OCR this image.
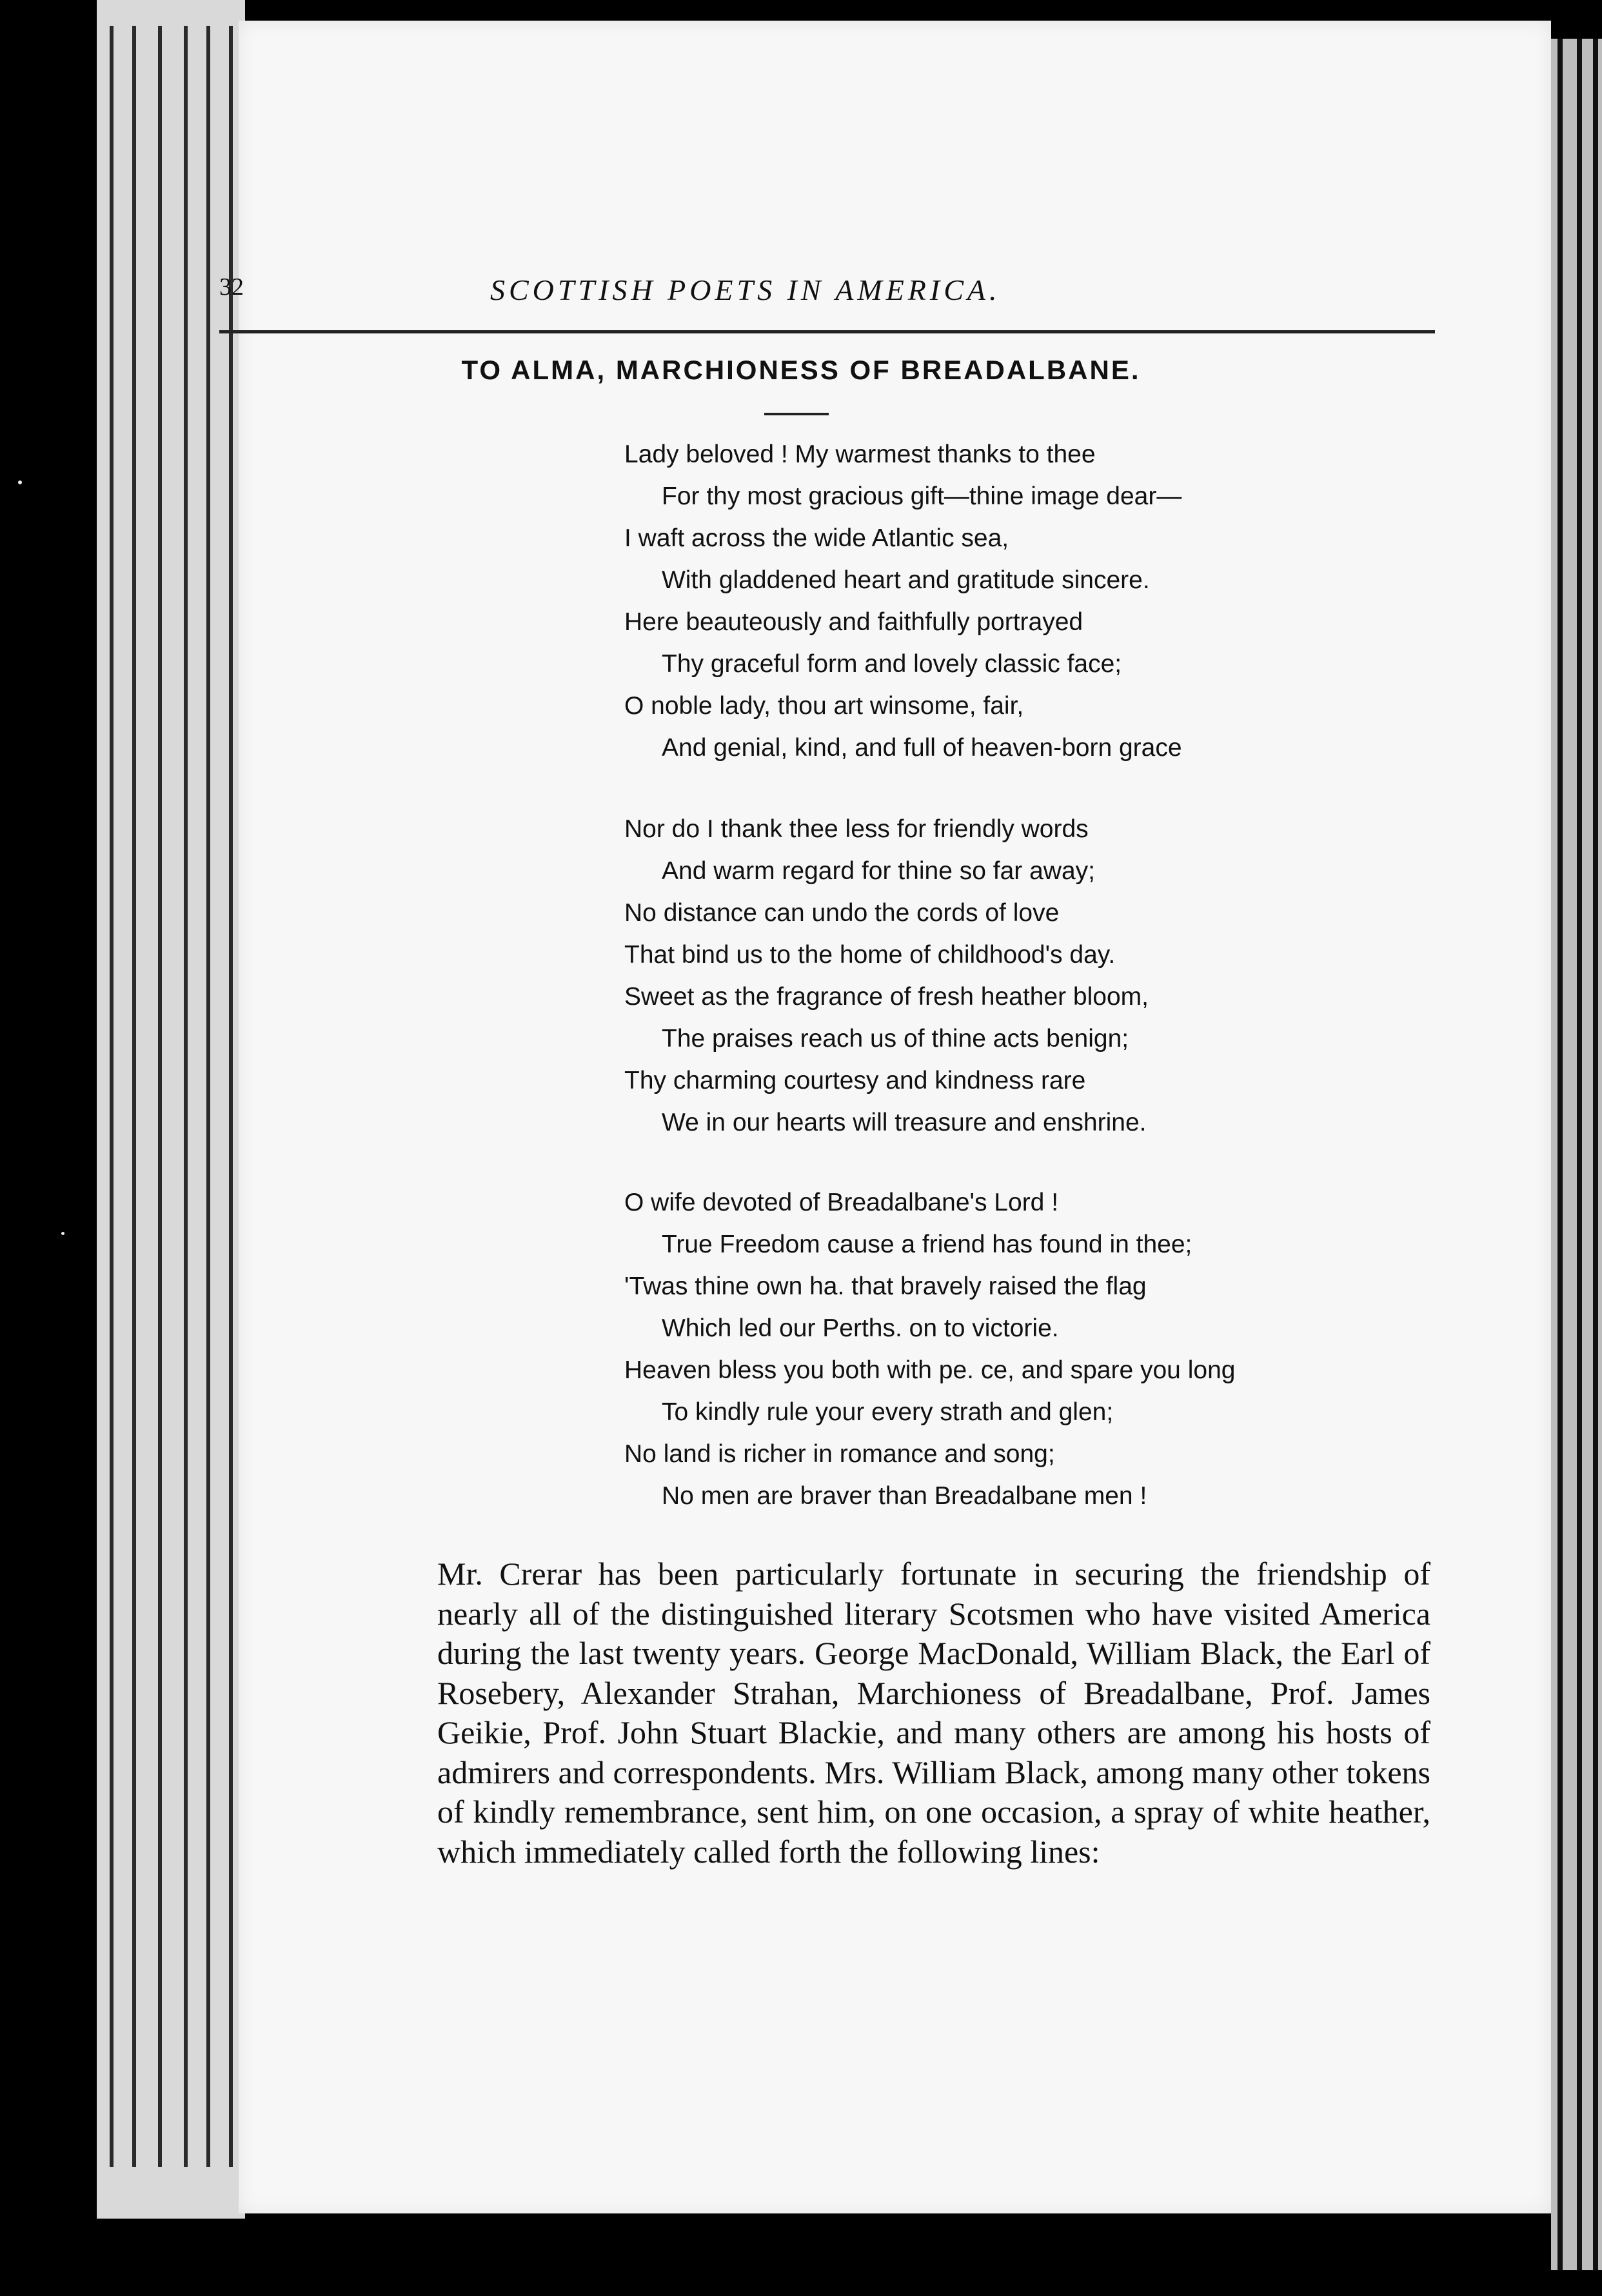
32	SCOTTISH POETS IN AMERICA.
TO ALMA, MARCHIONESS OF BREADALBANE.
Lady beloved ! My warmest thanks to thee
For thy most gracious gift—thine image dear—
I waft across the wide Atlantic sea,
With gladdened heart and gratitude sincere.
Here beauteously and faithfully portrayed
Thy graceful form and lovely classic face;
O noble lady, thou art winsome, fair,
And genial, kind, and full of heaven-born grace
Nor do I thank thee less for friendly words
And warm regard for thine so far away;
No distance can undo the cords of love
That bind us to the home of childhood's day.
Sweet as the fragrance of fresh heather bloom,
The praises reach us of thine acts benign;
Thy charming courtesy and kindness rare
We in our hearts will treasure and enshrine.
O wife devoted of Breadalbane's Lord !
True Freedom cause a friend has found in thee;
'Twas thine own ha. that bravely raised the flag
Which led our Perths. on to victorie.
Heaven bless you both with pe. ce, and spare you long
To kindly rule your every strath and glen;
No land is richer in romance and song;
No men are braver than Breadalbane men !
Mr. Crerar has been particularly fortunate in securing the friendship of nearly all of the distinguished literary Scotsmen who have visited America during the last twenty years. George MacDonald, William Black, the Earl of Rosebery, Alexander Strahan, Marchioness of Breadalbane, Prof. James Geikie, Prof. John Stuart Blackie, and many others are among his hosts of admirers and correspondents. Mrs. William Black, among many other tokens of kindly remembrance, sent him, on one occasion, a spray of white heather, which immediately called forth the following lines:
